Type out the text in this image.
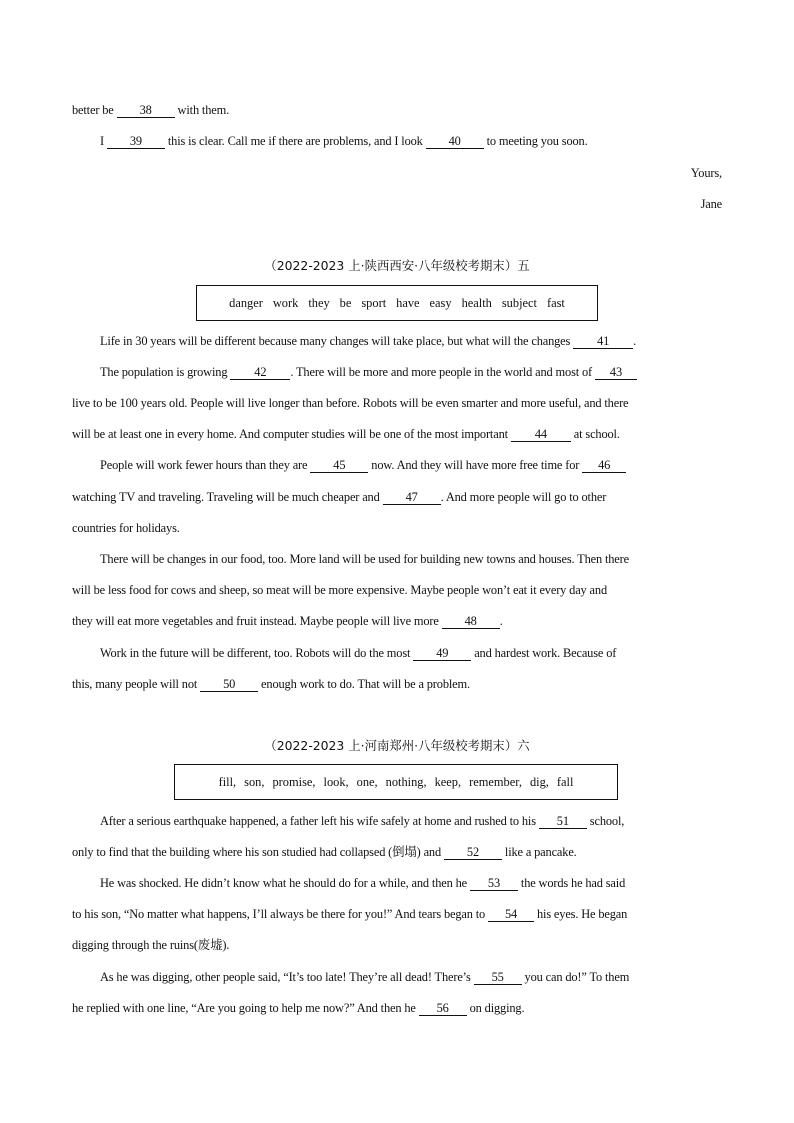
better be 38 with them.
I 39 this is clear. Call me if there are problems, and I look 40 to meeting you soon.
Yours,
Jane
（2022-2023 上·陕西西安·八年级校考期末）五
danger work they be sport have easy health subject fast
Life in 30 years will be different because many changes will take place, but what will the changes 41 .
The population is growing 42 . There will be more and more people in the world and most of 43
live to be 100 years old. People will live longer than before. Robots will be even smarter and more useful, and there
will be at least one in every home. And computer studies will be one of the most important 44 at school.
People will work fewer hours than they are 45 now. And they will have more free time for 46
watching TV and traveling. Traveling will be much cheaper and 47 . And more people will go to other
countries for holidays.
There will be changes in our food, too. More land will be used for building new towns and houses. Then there
will be less food for cows and sheep, so meat will be more expensive. Maybe people won’t eat it every day and
they will eat more vegetables and fruit instead. Maybe people will live more 48 .
Work in the future will be different, too. Robots will do the most 49 and hardest work. Because of
this, many people will not 50 enough work to do. That will be a problem.
（2022-2023 上·河南郑州·八年级校考期末）六
fill, son, promise, look, one, nothing, keep, remember, dig, fall
After a serious earthquake happened, a father left his wife safely at home and rushed to his 51 school,
only to find that the building where his son studied had collapsed (倒塌) and 52 like a pancake.
He was shocked. He didn’t know what he should do for a while, and then he 53 the words he had said
to his son, “No matter what happens, I’ll always be there for you!” And tears began to 54 his eyes. He began
digging through the ruins(废墟).
As he was digging, other people said, “It’s too late! They’re all dead! There’s 55 you can do!” To them
he replied with one line, “Are you going to help me now?” And then he 56 on digging.
